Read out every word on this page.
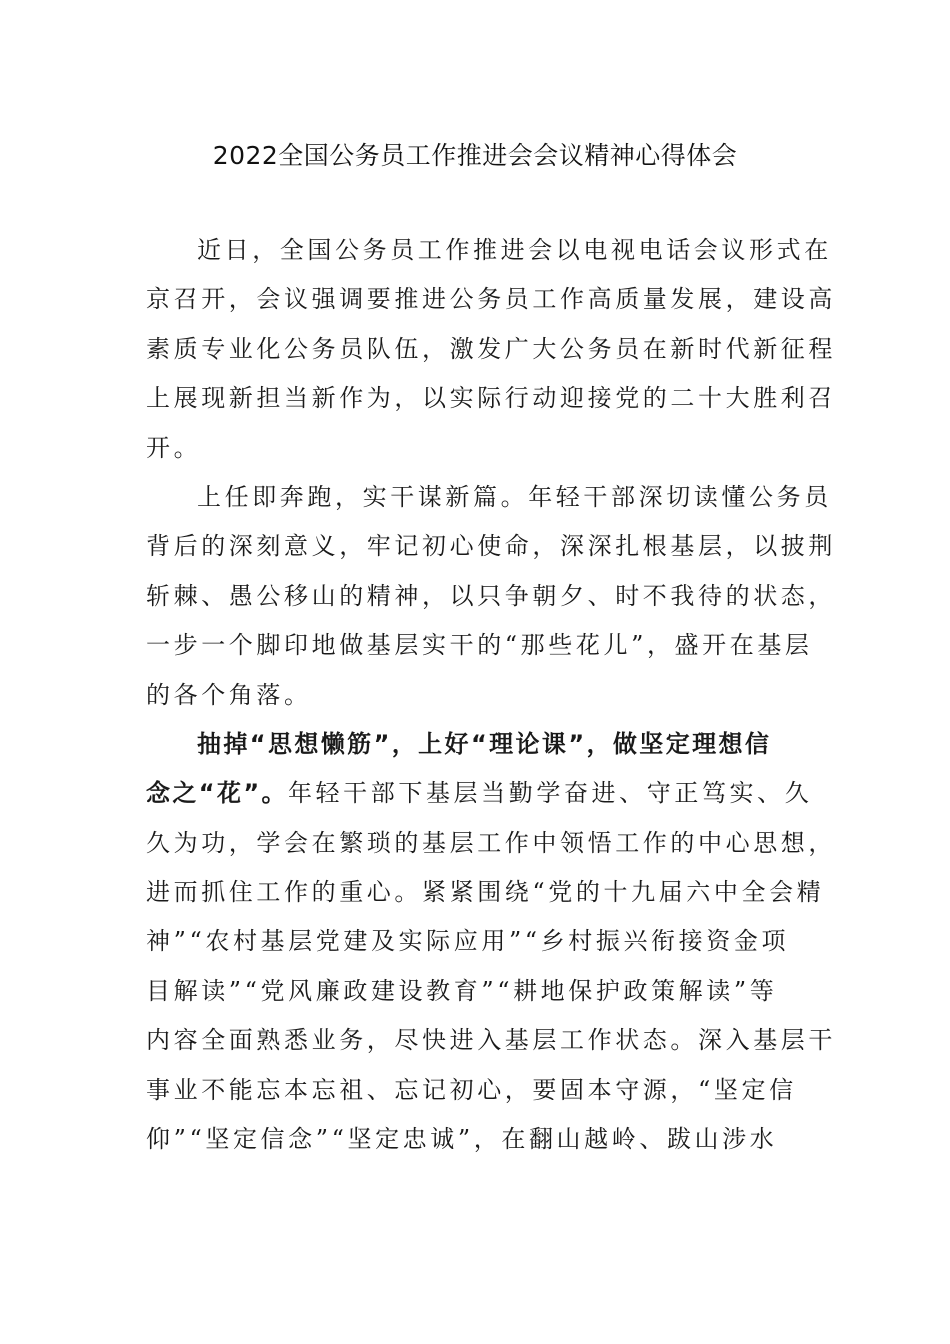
2022全国公务员工作推进会会议精神心得体会
近日，全国公务员工作推进会以电视电话会议形式在
京召开，会议强调要推进公务员工作高质量发展，建设高
素质专业化公务员队伍，激发广大公务员在新时代新征程
上展现新担当新作为，以实际行动迎接党的二十大胜利召
开。
上任即奔跑，实干谋新篇。年轻干部深切读懂公务员
背后的深刻意义，牢记初心使命，深深扎根基层，以披荆
斩棘、愚公移山的精神，以只争朝夕、时不我待的状态，
一步一个脚印地做基层实干的“那些花儿”，盛开在基层
的各个角落。
抽掉“思想懒筋”，上好“理论课”，做坚定理想信
念之“花”。年轻干部下基层当勤学奋进、守正笃实、久
久为功，学会在繁琐的基层工作中领悟工作的中心思想，
进而抓住工作的重心。紧紧围绕“党的十九届六中全会精
神”“农村基层党建及实际应用”“乡村振兴衔接资金项
目解读”“党风廉政建设教育”“耕地保护政策解读”等
内容全面熟悉业务，尽快进入基层工作状态。深入基层干
事业不能忘本忘祖、忘记初心，要固本守源，“坚定信
仰”“坚定信念”“坚定忠诚”，在翻山越岭、跋山涉水
